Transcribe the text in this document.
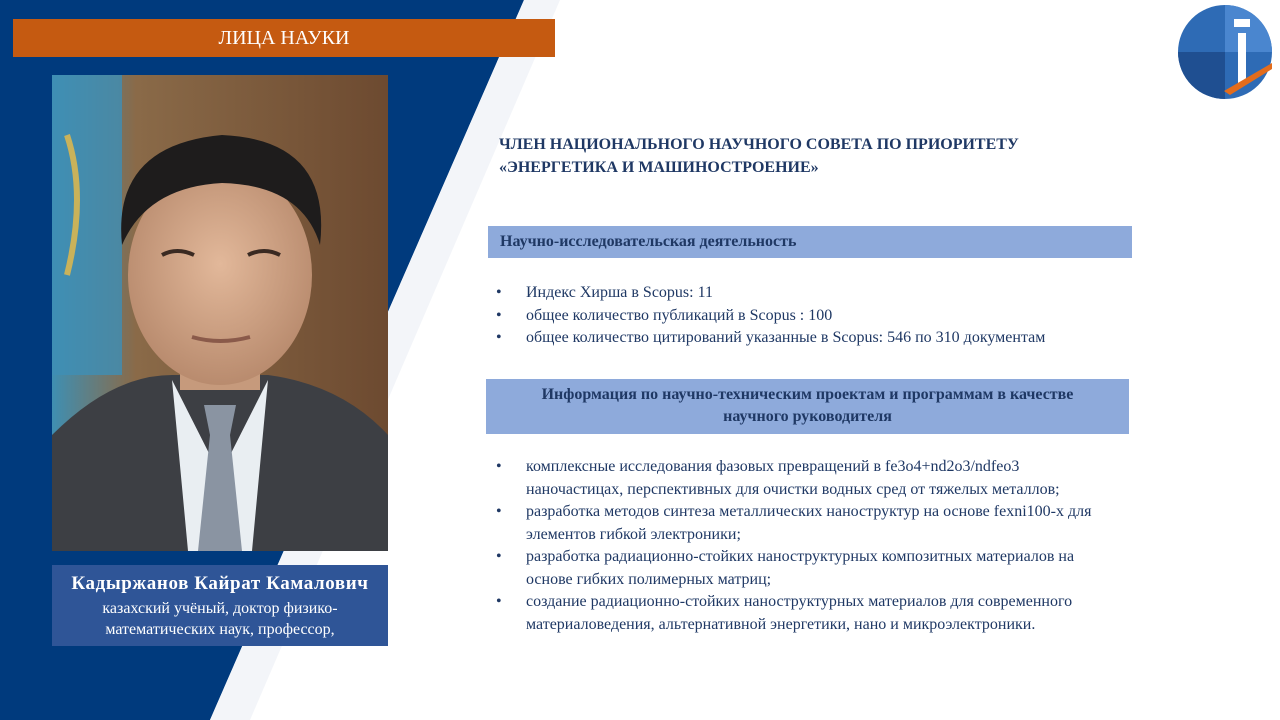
ЛИЦА НАУКИ
Кадыржанов Кайрат Камалович
казахский учёный, доктор физико-
математических наук, профессор,
ЧЛЕН НАЦИОНАЛЬНОГО НАУЧНОГО СОВЕТА ПО ПРИОРИТЕТУ
«ЭНЕРГЕТИКА И МАШИНОСТРОЕНИЕ»
Научно-исследовательская деятельность
• Индекс Хирша в Scopus: 11
• общее количество публикаций в Scopus : 100
• общее количество цитирований указанные в Scopus: 546 по 310 документам
Информация по научно-техническим проектам и программам в качестве
научного руководителя
• комплексные исследования фазовых превращений в fe3o4+nd2o3/ndfeo3 наночастицах, перспективных для очистки водных сред от тяжелых металлов;
• разработка методов синтеза металлических наноструктур на основе fexni100-x для элементов гибкой электроники;
• разработка радиационно-стойких наноструктурных композитных материалов на основе гибких полимерных матриц;
• создание радиационно-стойких наноструктурных материалов для современного материаловедения, альтернативной энергетики, нано и микроэлектроники.
